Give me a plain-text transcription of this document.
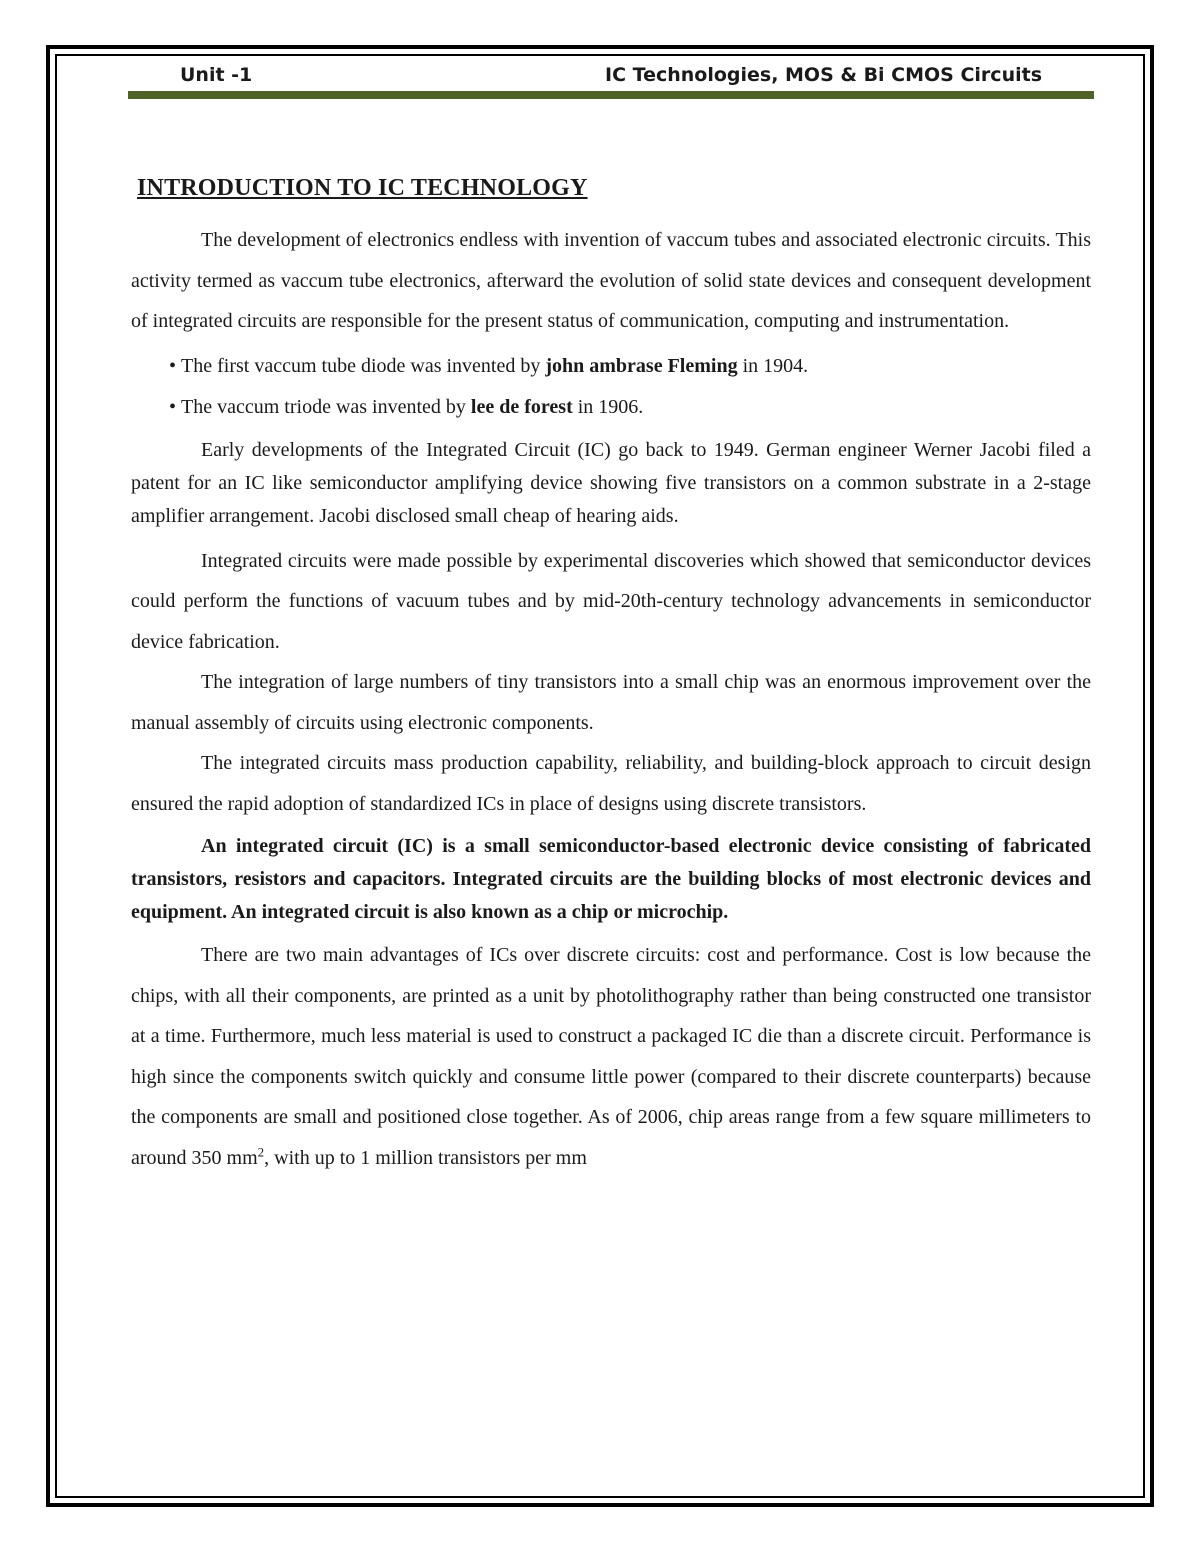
Unit -1	IC Technologies, MOS & Bi CMOS Circuits
INTRODUCTION TO IC TECHNOLOGY

The development of electronics endless with invention of vaccum tubes and associated electronic circuits. This activity termed as vaccum tube electronics, afterward the evolution of solid state devices and consequent development of integrated circuits are responsible for the present status of communication, computing and instrumentation.

• The first vaccum tube diode was invented by john ambrase Fleming in 1904.
• The vaccum triode was invented by lee de forest in 1906.

Early developments of the Integrated Circuit (IC) go back to 1949. German engineer Werner Jacobi filed a patent for an IC like semiconductor amplifying device showing five transistors on a common substrate in a 2-stage amplifier arrangement. Jacobi disclosed small cheap of hearing aids.

Integrated circuits were made possible by experimental discoveries which showed that semiconductor devices could perform the functions of vacuum tubes and by mid-20th-century technology advancements in semiconductor device fabrication.

The integration of large numbers of tiny transistors into a small chip was an enormous improvement over the manual assembly of circuits using electronic components.

The integrated circuits mass production capability, reliability, and building-block approach to circuit design ensured the rapid adoption of standardized ICs in place of designs using discrete transistors.

An integrated circuit (IC) is a small semiconductor-based electronic device consisting of fabricated transistors, resistors and capacitors. Integrated circuits are the building blocks of most electronic devices and equipment. An integrated circuit is also known as a chip or microchip.

There are two main advantages of ICs over discrete circuits: cost and performance. Cost is low because the chips, with all their components, are printed as a unit by photolithography rather than being constructed one transistor at a time. Furthermore, much less material is used to construct a packaged IC die than a discrete circuit. Performance is high since the components switch quickly and consume little power (compared to their discrete counterparts) because the components are small and positioned close together. As of 2006, chip areas range from a few square millimeters to around 350 $mm^2$, with up to 1 million transistors per mm
